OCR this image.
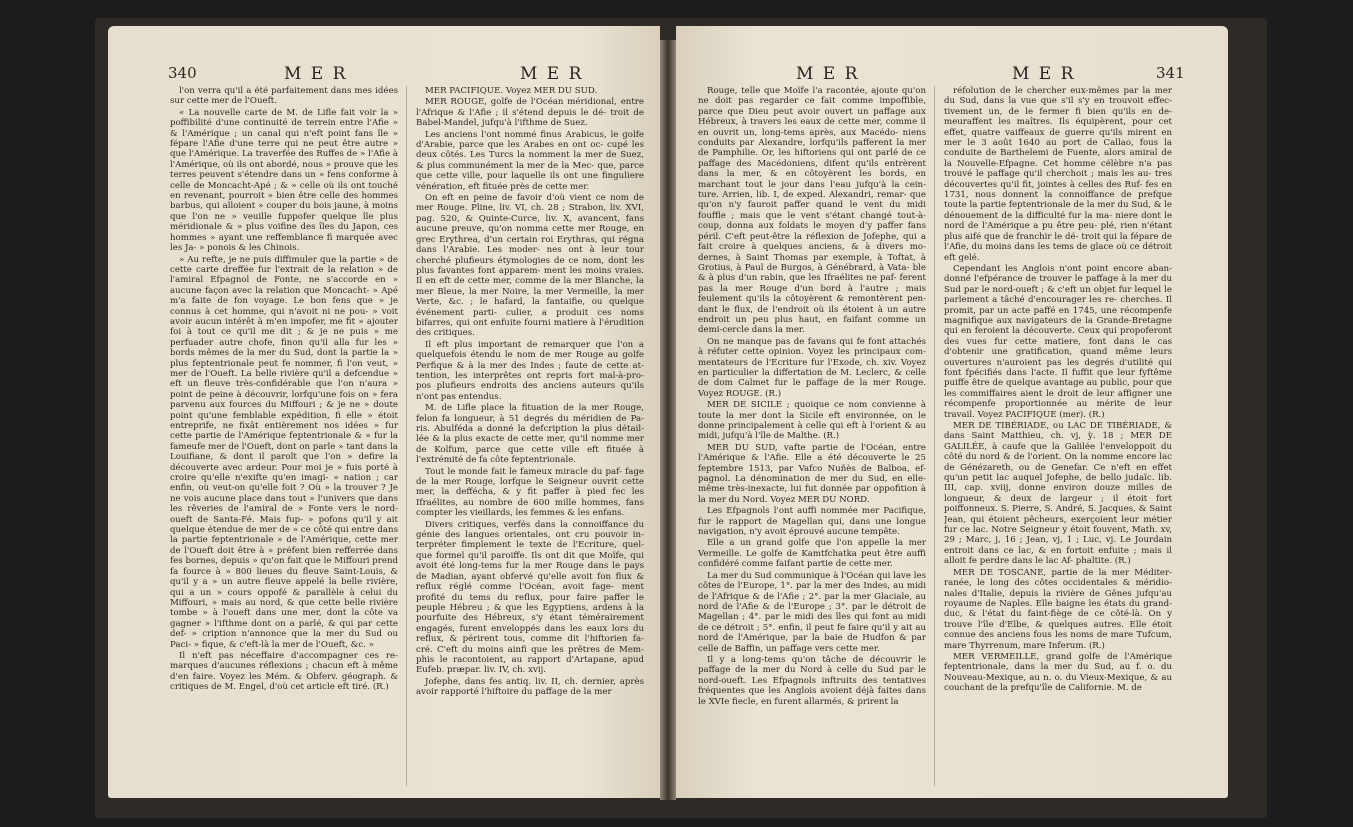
340	M E R	M E R

l'on verra qu'il a été parfaitement dans mes idées sur cette mer de l'Oueft.

« La nouvelle carte de M. de Lifle fait voir la » poffibilité d'une continuité de terrein entre l'Afie » & l'Amérique ; un canal qui n'eft point fans île » fépare l'Afie d'une terre qui ne peut être autre » que l'Amérique. La traverfée des Ruffes de » l'Afie à l'Amérique, où ils ont abordé, nous » prouve que les terres peuvent s'étendre dans un » fens conforme à celle de Moncacht-Apé ; & » celle où ils ont touché en revenant, pourroit » bien être celle des hommes barbus, qui alloient » couper du bois jaune, à moins que l'on ne » veuille fuppofer quelque île plus méridionale & » plus voifine des îles du Japon, ces hommes » ayant une reffemblance fi marquée avec les Ja- » ponois & les Chinois.

» Au refte, je ne puis diffimuler que la partie » de cette carte dreffée fur l'extrait de la relation » de l'amiral Efpagnol de Fonte, ne s'accorde en » aucune façon avec la relation que Moncacht- » Apé m'a faite de fon voyage. Le bon fens que » je connus à cet homme, qui n'avoit ni ne pou- » voit avoir aucun intérêt à m'en impofer, me fit » ajouter foi à tout ce qu'il me dit ; & je ne puis » me perfuader autre chofe, finon qu'il alla fur les » bords mêmes de la mer du Sud, dont la partie la » plus feptentrionale peut fe nommer, fi l'on veut, » mer de l'Oueft. La belle rivière qu'il a defcendue » eft un fleuve très-confidérable que l'on n'aura » point de peine à découvrir, lorfqu'une fois on » fera parvenu aux fources du Miffouri ; & je ne » doute point qu'une femblable expédition, fi elle » étoit entreprife, ne fixât entièrement nos idées » fur cette partie de l'Amérique feptentrionale & » fur la fameufe mer de l'Oueft, dont on parle » tant dans la Louifiane, & dont il paroît que l'on » defire la découverte avec ardeur. Pour moi je » fuis porté à croire qu'elle n'exifte qu'en imagi- » nation ; car enfin, où veut-on qu'elle foit ? Où » la trouver ? Je ne vois aucune place dans tout » l'univers que dans les rêveries de l'amiral de » Fonte vers le nord-oueft de Santa-Fé. Mais fup- » pofons qu'il y ait quelque étendue de mer de » ce côté qui entre dans la partie feptentrionale » de l'Amérique, cette mer de l'Oueft doit être à » préfent bien refferrée dans fes bornes, depuis » qu'on fait que le Miffouri prend fa fource à » 800 lieues du fleuve Saint-Louis, & qu'il y a » un autre fleuve appelé la belle rivière, qui a un » cours oppofé & parallèle à celui du Miffouri, » mais au nord, & que cette belle rivière tombe » à l'oueft dans une mer, dont la côte va gagner » l'ifthme dont on a parlé, & qui par cette def- » cription n'annonce que la mer du Sud ou Paci- » fique, & c'eft-là la mer de l'Oueft, &c. »

Il n'eft pas néceffaire d'accompagner ces re- marques d'aucunes réflexions ; chacun eft à même d'en faire. Voyez les Mém. & Obferv. géograph. & critiques de M. Engel, d'où cet article eft tiré. (R.)

MER PACIFIQUE. Voyez MER DU SUD.

MER ROUGE, golfe de l'Océan méridional, entre l'Afrique & l'Afie ; il s'étend depuis le dé- troit de Babel-Mandel, jufqu'à l'ifthme de Suez.

Les anciens l'ont nommé finus Arabicus, le golfe d'Arabie, parce que les Arabes en ont oc- cupé les deux côtés. Les Turcs la nomment la mer de Suez, & plus communément la mer de la Mec- que, parce que cette ville, pour laquelle ils ont une finguliere vénération, eft fituée près de cette mer.

On eft en peine de favoir d'où vient ce nom de mer Rouge. Pline, liv. VI, ch. 28 ; Strabon, liv. XVI, pag. 520, & Quinte-Curce, liv. X, avancent, fans aucune preuve, qu'on nomma cette mer Rouge, en grec Erythrea, d'un certain roi Erythras, qui régna dans l'Arabie. Les moder- nes ont à leur tour cherché plufieurs étymologies de ce nom, dont les plus favantes font apparem- ment les moins vraies. Il en eft de cette mer, comme de la mer Blanche, la mer Bleue, la mer Noire, la mer Vermeille, la mer Verte, &c. ; le hafard, la fantaifie, ou quelque événement parti- culier, a produit ces noms bifarres, qui ont enfuite fourni matiere à l'érudition des critiques.

Il eft plus important de remarquer que l'on a quelquefois étendu le nom de mer Rouge au golfe Perfique & à la mer des Indes ; faute de cette at- tention, les interprêtes ont repris fort mal-à-pro- pos plufieurs endroits des anciens auteurs qu'ils n'ont pas entendus.

M. de Lifle place la fituation de la mer Rouge, felon fa longueur, à 51 degrés du méridien de Pa- ris. Abulféda a donné la defcription la plus détail- lée & la plus exacte de cette mer, qu'il nomme mer de Kolfum, parce que cette ville eft fituée à l'extrémité de fa côte feptentrionale.

Tout le monde fait le fameux miracle du paf- fage de la mer Rouge, lorfque le Seigneur ouvrit cette mer, la deffécha, & y fit paffer à pied fec les Ifraélites, au nombre de 600 mille hommes, fans compter les vieillards, les femmes & les enfans.

Divers critiques, verfés dans la connoiffance du génie des langues orientales, ont cru pouvoir in- terpréter fimplement le texte de l'Ecriture, quel- que formel qu'il paroiffe. Ils ont dit que Moïfe, qui avoit été long-tems fur la mer Rouge dans le pays de Madian, ayant obfervé qu'elle avoit fon flux & reflux réglé comme l'Océan, avoit fage- ment profité du tems du reflux, pour faire paffer le peuple Hébreu ; & que les Egyptiens, ardens à la pourfuite des Hébreux, s'y étant témérairement engagés, furent enveloppés dans les eaux lors du reflux, & périrent tous, comme dit l'hiftorien fa- cré. C'eft du moins ainfi que les prêtres de Mem- phis le racontoient, au rapport d'Artapane, apud Eufeb. præpar. liv. IV, ch. xvij.

Jofephe, dans fes antiq. liv. II, ch. dernier, après avoir rapporté l'hiftoire du paffage de la mer

M E R	M E R	341

Rouge, telle que Moïfe l'a racontée, ajoute qu'on ne doit pas regarder ce fait comme impoffible, parce que Dieu peut avoir ouvert un paffage aux Hébreux, à travers les eaux de cette mer, comme il en ouvrit un, long-tems après, aux Macédo- niens conduits par Alexandre, lorfqu'ils pafferent la mer de Pamphilie. Or, les hiftoriens qui ont parlé de ce paffage des Macédoniens, difent qu'ils entrèrent dans la mer, & en côtoyèrent les bords, en marchant tout le jour dans l'eau jufqu'à la cein- ture. Arrien, lib. I, de exped. Alexandri, remar- que qu'on n'y fauroit paffer quand le vent du midi fouffle ; mais que le vent s'étant changé tout-à- coup, donna aux foldats le moyen d'y paffer fans péril. C'eft peut-être la réflexion de Jofephe, qui a fait croire à quelques anciens, & à divers mo- dernes, à Saint Thomas par exemple, à Toftat, à Grotius, à Paul de Burgos, à Génébrard, à Vata- ble & à plus d'un rabin, que les Ifraélites ne paf- ferent pas la mer Rouge d'un bord à l'autre ; mais feulement qu'ils la côtoyèrent & remontèrent pen- dant le flux, de l'endroit où ils étoient à un autre endroit un peu plus haut, en faifant comme un demi-cercle dans la mer.

On ne manque pas de favans qui fe font attachés à réfuter cette opinion. Voyez les principaux com- mentateurs de l'Ecriture fur l'Exode, ch. xiv. Voyez en particulier la differtation de M. Leclerc, & celle de dom Calmet fur le paffage de la mer Rouge. Voyez ROUGE. (R.)

MER DE SICILE ; quoique ce nom convienne à toute la mer dont la Sicile eft environnée, on le donne principalement à celle qui eft à l'orient & au midi, jufqu'à l'île de Malthe. (R.)

MER DU SUD, vafte partie de l'Océan, entre l'Amérique & l'Afie. Elle a été découverte le 25 feptembre 1513, par Vafco Nuñès de Balboa, ef- pagnol. La dénomination de mer du Sud, en elle- même très-inexacte, lui fut donnée par oppofition à la mer du Nord. Voyez MER DU NORD.

Les Efpagnols l'ont auffi nommée mer Pacifique, fur le rapport de Magellan qui, dans une longue navigation, n'y avoit éprouvé aucune tempête.

Elle a un grand golfe que l'on appelle la mer Vermeille. Le golfe de Kamtfchatka peut être auffi confidéré comme faifant partie de cette mer.

La mer du Sud communique à l'Océan qui lave les côtes de l'Europe, 1°. par la mer des Indes, au midi de l'Afrique & de l'Afie ; 2°. par la mer Glaciale, au nord de l'Afie & de l'Europe ; 3°. par le détroit de Magellan ; 4°. par le midi des îles qui font au midi de ce détroit ; 5°. enfin, il peut fe faire qu'il y ait au nord de l'Amérique, par la baie de Hudfon & par celle de Baffin, un paffage vers cette mer.

Il y a long-tems qu'on tâche de découvrir le paffage de la mer du Nord à celle du Sud par le nord-oueft. Les Efpagnols inftruits des tentatives fréquentes que les Anglois avoient déjà faites dans le XVIe fiecle, en furent allarmés, & prirent la

réfolution de le chercher eux-mêmes par la mer du Sud, dans la vue que s'il s'y en trouvoit effec- tivement un, de le fermer fi bien qu'ils en de- meuraffent les maîtres. Ils équipèrent, pour cet effet, quatre vaiffeaux de guerre qu'ils mirent en mer le 3 août 1640 au port de Callao, fous la conduite de Barthelemi de Fuente, alors amiral de la Nouvelle-Efpagne. Cet homme célèbre n'a pas trouvé le paffage qu'il cherchoit ; mais les au- tres découvertes qu'il fit, jointes à celles des Ruf- fes en 1731, nous donnent la connoiffance de prefque toute la partie feptentrionale de la mer du Sud, & le dénouement de la difficulté fur la ma- niere dont le nord de l'Amérique a pu être peu- plé, rien n'étant plus aifé que de franchir le dé- troit qui la fépare de l'Afie, du moins dans les tems de glace où ce détroit eft gelé.

Cependant les Anglois n'ont point encore aban- donné l'efpérance de trouver le paffage à la mer du Sud par le nord-oueft ; & c'eft un objet fur lequel le parlement a tâché d'encourager les re- cherches. Il promit, par un acte paffé en 1745, une récompenfe magnifique aux navigateurs de la Grande-Bretagne qui en feroient la découverte. Ceux qui propoferont des vues fur cette matiere, font dans le cas d'obtenir une gratification, quand même leurs ouvertures n'auroient pas les degrés d'utilité qui font fpécifiés dans l'acte. Il fuffit que leur fyftême puiffe être de quelque avantage au public, pour que les commiffaires aient le droit de leur affigner une récompenfe proportionnée au mérite de leur travail. Voyez PACIFIQUE (mer). (R.)

MER DE TIBÉRIADE, ou LAC DE TIBÉRIADE, & dans Saint Matthieu, ch. vj, ỳ. 18 ; MER DE GALILÉE, à caufe que la Galilée l'enveloppoit du côté du nord & de l'orient. On la nomme encore lac de Génézareth, ou de Genefar. Ce n'eft en effet qu'un petit lac auquel Jofephe, de bello judaïc. lib. III, cap. xviij, donne environ douze milles de longueur, & deux de largeur ; il étoit fort poiffonneux. S. Pierre, S. André, S. Jacques, & Saint Jean, qui étoient pêcheurs, exerçoient leur métier fur ce lac. Notre Seigneur y étoit fouvent, Math. xv, 29 ; Marc, j, 16 ; Jean, vj, 1 ; Luc, vj. Le Jourdain entroit dans ce lac, & en fortoit enfuite ; mais il alloit fe perdre dans le lac Af- phaltite. (R.)

MER DE TOSCANE, partie de la mer Méditer- ranée, le long des côtes occidentales & méridio- nales d'Italie, depuis la rivière de Gênes jufqu'au royaume de Naples. Elle baigne les états du grand- duc, & l'état du faint-fiège de ce côté-là. On y trouve l'île d'Elbe, & quelques autres. Elle étoit connue des anciens fous les noms de mare Tufcum, mare Thyrrenum, mare Inferum. (R.)

MER VERMEILLE, grand golfe de l'Amérique feptentrionale, dans la mer du Sud, au f. o. du Nouveau-Mexique, au n. o. du Vieux-Mexique, & au couchant de la prefqu'île de Californie. M. de
